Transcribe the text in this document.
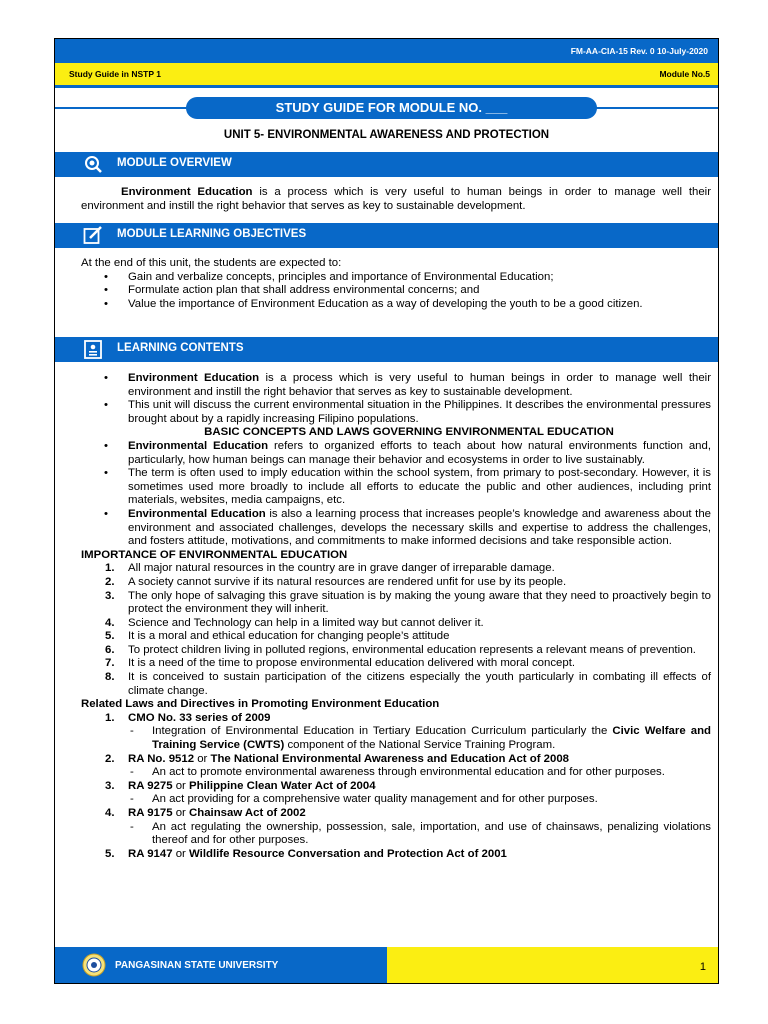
FM-AA-CIA-15 Rev. 0 10-July-2020
Study Guide in NSTP 1	Module No.5
STUDY GUIDE FOR MODULE NO. ___
UNIT 5- ENVIRONMENTAL AWARENESS AND PROTECTION
MODULE OVERVIEW
Environment Education is a process which is very useful to human beings in order to manage well their environment and instill the right behavior that serves as key to sustainable development.
MODULE LEARNING OBJECTIVES
At the end of this unit, the students are expected to:
• Gain and verbalize concepts, principles and importance of Environmental Education;
• Formulate action plan that shall address environmental concerns; and
• Value the importance of Environment Education as a way of developing the youth to be a good citizen.
LEARNING CONTENTS
• Environment Education is a process which is very useful to human beings in order to manage well their environment and instill the right behavior that serves as key to sustainable development.
• This unit will discuss the current environmental situation in the Philippines. It describes the environmental pressures brought about by a rapidly increasing Filipino populations.
BASIC CONCEPTS AND LAWS GOVERNING ENVIRONMENTAL EDUCATION
• Environmental Education refers to organized efforts to teach about how natural environments function and, particularly, how human beings can manage their behavior and ecosystems in order to live sustainably.
• The term is often used to imply education within the school system, from primary to post-secondary. However, it is sometimes used more broadly to include all efforts to educate the public and other audiences, including print materials, websites, media campaigns, etc.
• Environmental Education is also a learning process that increases people’s knowledge and awareness about the environment and associated challenges, develops the necessary skills and expertise to address the challenges, and fosters attitude, motivations, and commitments to make informed decisions and take responsible action.
IMPORTANCE OF ENVIRONMENTAL EDUCATION
1. All major natural resources in the country are in grave danger of irreparable damage.
2. A society cannot survive if its natural resources are rendered unfit for use by its people.
3. The only hope of salvaging this grave situation is by making the young aware that they need to proactively begin to protect the environment they will inherit.
4. Science and Technology can help in a limited way but cannot deliver it.
5. It is a moral and ethical education for changing people’s attitude
6. To protect children living in polluted regions, environmental education represents a relevant means of prevention.
7. It is a need of the time to propose environmental education delivered with moral concept.
8. It is conceived to sustain participation of the citizens especially the youth particularly in combating ill effects of climate change.
Related Laws and Directives in Promoting Environment Education
1. CMO No. 33 series of 2009
- Integration of Environmental Education in Tertiary Education Curriculum particularly the Civic Welfare and Training Service (CWTS) component of the National Service Training Program.
2. RA No. 9512 or The National Environmental Awareness and Education Act of 2008
- An act to promote environmental awareness through environmental education and for other purposes.
3. RA 9275 or Philippine Clean Water Act of 2004
- An act providing for a comprehensive water quality management and for other purposes.
4. RA 9175 or Chainsaw Act of 2002
- An act regulating the ownership, possession, sale, importation, and use of chainsaws, penalizing violations thereof and for other purposes.
5. RA 9147 or Wildlife Resource Conversation and Protection Act of 2001
PANGASINAN STATE UNIVERSITY	1
